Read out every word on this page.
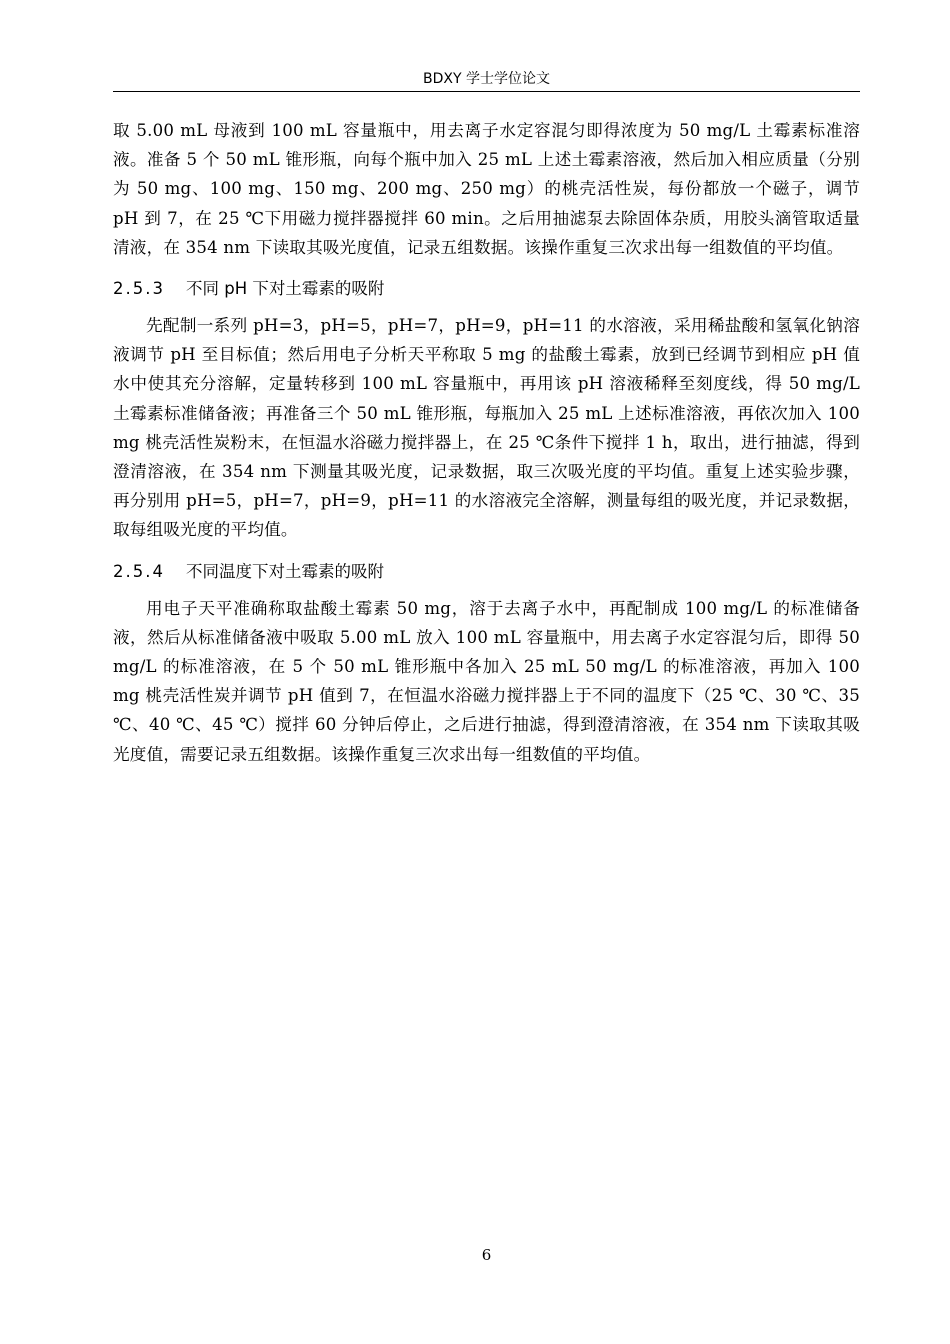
BDXY 学士学位论文

取 5.00 mL 母液到 100 mL 容量瓶中，用去离子水定容混匀即得浓度为 50 mg/L 土霉素标准溶液。准备 5 个 50 mL 锥形瓶，向每个瓶中加入 25 mL 上述土霉素溶液，然后加入相应质量（分别为 50 mg、100 mg、150 mg、200 mg、250 mg）的桃壳活性炭，每份都放一个磁子，调节 pH 到 7，在 25 ℃下用磁力搅拌器搅拌 60 min。之后用抽滤泵去除固体杂质，用胶头滴管取适量清液，在 354 nm 下读取其吸光度值，记录五组数据。该操作重复三次求出每一组数值的平均值。

2.5.3 不同 pH 下对土霉素的吸附

先配制一系列 pH=3，pH=5，pH=7，pH=9，pH=11 的水溶液，采用稀盐酸和氢氧化钠溶液调节 pH 至目标值；然后用电子分析天平称取 5 mg 的盐酸土霉素，放到已经调节到相应 pH 值水中使其充分溶解，定量转移到 100 mL 容量瓶中，再用该 pH 溶液稀释至刻度线，得 50 mg/L 土霉素标准储备液；再准备三个 50 mL 锥形瓶，每瓶加入 25 mL 上述标准溶液，再依次加入 100 mg 桃壳活性炭粉末，在恒温水浴磁力搅拌器上，在 25 ℃条件下搅拌 1 h，取出，进行抽滤，得到澄清溶液，在 354 nm 下测量其吸光度，记录数据，取三次吸光度的平均值。重复上述实验步骤，再分别用 pH=5，pH=7，pH=9，pH=11 的水溶液完全溶解，测量每组的吸光度，并记录数据，取每组吸光度的平均值。

2.5.4 不同温度下对土霉素的吸附

用电子天平准确称取盐酸土霉素 50 mg，溶于去离子水中，再配制成 100 mg/L 的标准储备液，然后从标准储备液中吸取 5.00 mL 放入 100 mL 容量瓶中，用去离子水定容混匀后，即得 50 mg/L 的标准溶液，在 5 个 50 mL 锥形瓶中各加入 25 mL 50 mg/L 的标准溶液，再加入 100 mg 桃壳活性炭并调节 pH 值到 7，在恒温水浴磁力搅拌器上于不同的温度下（25 ℃、30 ℃、35 ℃、40 ℃、45 ℃）搅拌 60 分钟后停止，之后进行抽滤，得到澄清溶液，在 354 nm 下读取其吸光度值，需要记录五组数据。该操作重复三次求出每一组数值的平均值。

6
